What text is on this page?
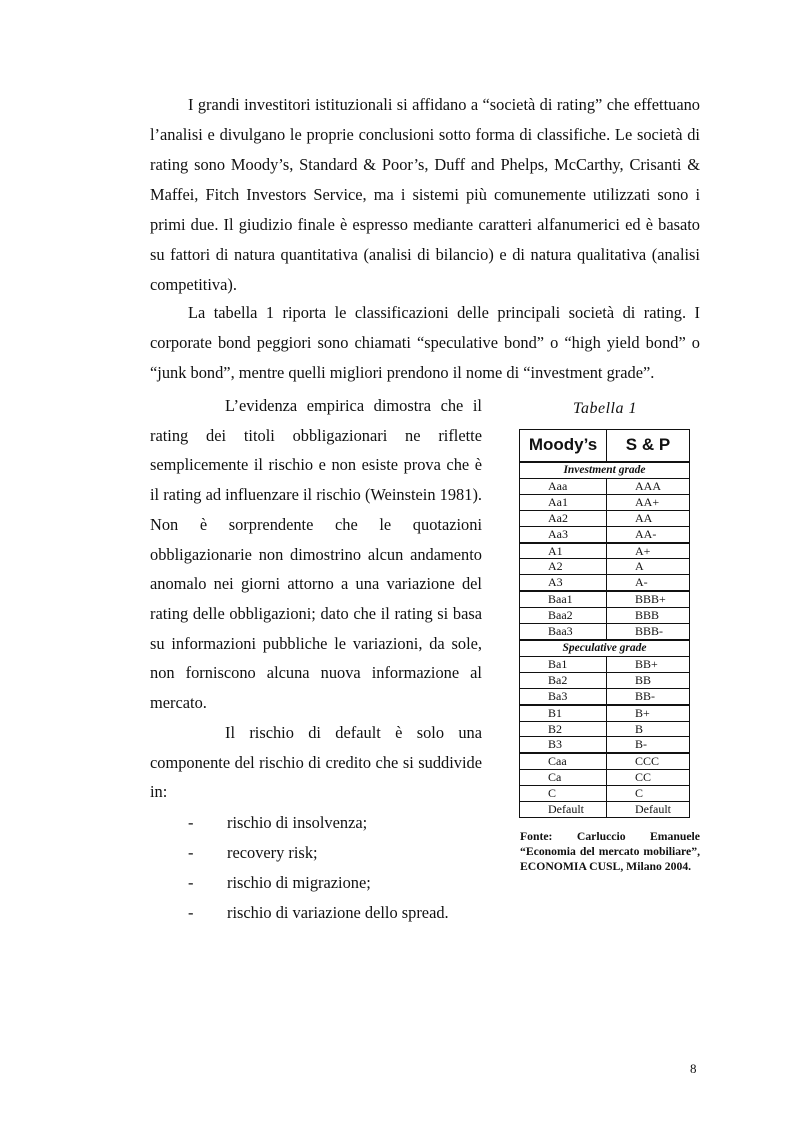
I grandi investitori istituzionali si affidano a “società di rating” che effettuano l’analisi e divulgano le proprie conclusioni sotto forma di classifiche. Le società di rating sono Moody’s, Standard & Poor’s, Duff and Phelps, McCarthy, Crisanti & Maffei, Fitch Investors Service, ma i sistemi più comunemente utilizzati sono i primi due. Il giudizio finale è espresso mediante caratteri alfanumerici ed è basato su fattori di natura quantitativa (analisi di bilancio) e di natura qualitativa (analisi competitiva).

La tabella 1 riporta le classificazioni delle principali società di rating. I corporate bond peggiori sono chiamati “speculative bond” o “high yield bond” o “junk bond”, mentre quelli migliori prendono il nome di “investment grade”.

L’evidenza empirica dimostra che il rating dei titoli obbligazionari ne riflette semplicemente il rischio e non esiste prova che è il rating ad influenzare il rischio (Weinstein 1981). Non è sorprendente che le quotazioni obbligazionarie non dimostrino alcun andamento anomalo nei giorni attorno a una variazione del rating delle obbligazioni; dato che il rating si basa su informazioni pubbliche le variazioni, da sole, non forniscono alcuna nuova informazione al mercato.

Il rischio di default è solo una componente del rischio di credito che si suddivide in:

- rischio di insolvenza;
- recovery risk;
- rischio di migrazione;
- rischio di variazione dello spread.
Tabella 1
Moody’s	S & P
Investment grade	
Aaa	AAA
Aa1	AA+
Aa2	AA
Aa3	AA-
A1	A+
A2	A
A3	A-
Baa1	BBB+
Baa2	BBB
Baa3	BBB-
Speculative grade	
Ba1	BB+
Ba2	BB
Ba3	BB-
B1	B+
B2	B
B3	B-
Caa	CCC
Ca	CC
C	C
Default	Default

Fonte: Carluccio Emanuele “Economia del mercato mobiliare”, ECONOMIA CUSL, Milano 2004.

8
